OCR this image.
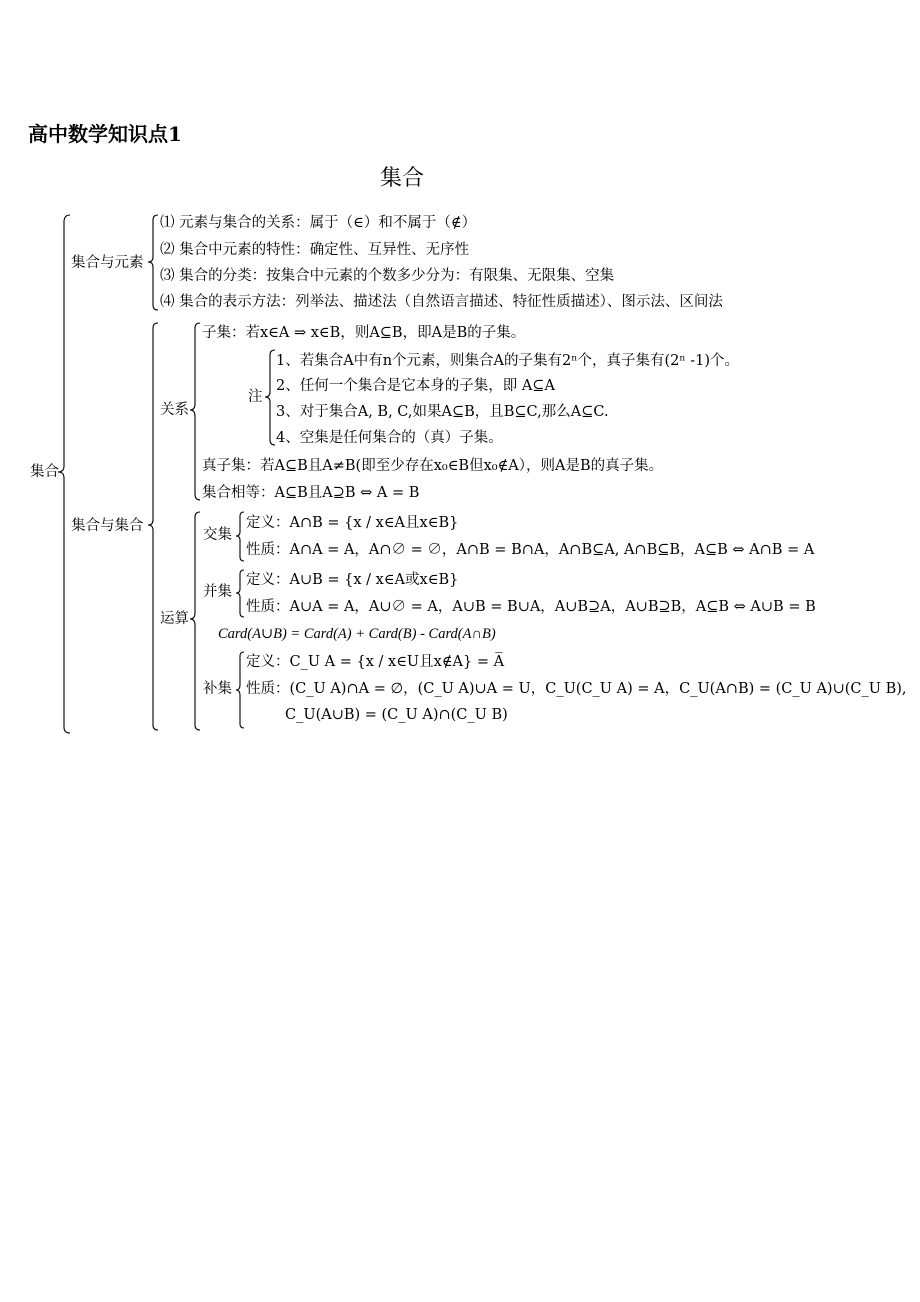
高中数学知识点1
集合
集合
集合与元素
⑴ 元素与集合的关系：属于（∈）和不属于（∉）
⑵ 集合中元素的特性：确定性、互异性、无序性
⑶ 集合的分类：按集合中元素的个数多少分为：有限集、无限集、空集
⑷ 集合的表示方法：列举法、描述法（自然语言描述、特征性质描述）、图示法、区间法
集合与集合
关系
子集：若x∈A ⇒ x∈B，则A⊆B，即A是B的子集。
注
1、若集合A中有n个元素，则集合A的子集有2ⁿ个，真子集有(2ⁿ -1)个。
2、任何一个集合是它本身的子集，即 A⊆A
3、对于集合A, B, C,如果A⊆B，且B⊆C,那么A⊆C.
4、空集是任何集合的（真）子集。
真子集：若A⊆B且A≠B(即至少存在x₀∈B但x₀∉A），则A是B的真子集。
集合相等：A⊆B且A⊇B ⇔ A = B
运算
交集
定义：A∩B = {x / x∈A且x∈B}
性质：A∩A = A，A∩∅ = ∅，A∩B = B∩A，A∩B⊆A, A∩B⊆B，A⊆B ⇔ A∩B = A
并集
定义：A∪B = {x / x∈A或x∈B}
性质：A∪A = A，A∪∅ = A，A∪B = B∪A，A∪B⊇A，A∪B⊇B，A⊆B ⇔ A∪B = B
Card(A∪B) = Card(A) + Card(B) - Card(A∩B)
补集
定义：C_U A = {x / x∈U且x∉A} = A̅
性质：(C_U A)∩A = ∅，(C_U A)∪A = U，C_U(C_U A) = A，C_U(A∩B) = (C_U A)∪(C_U B),
C_U(A∪B) = (C_U A)∩(C_U B)
